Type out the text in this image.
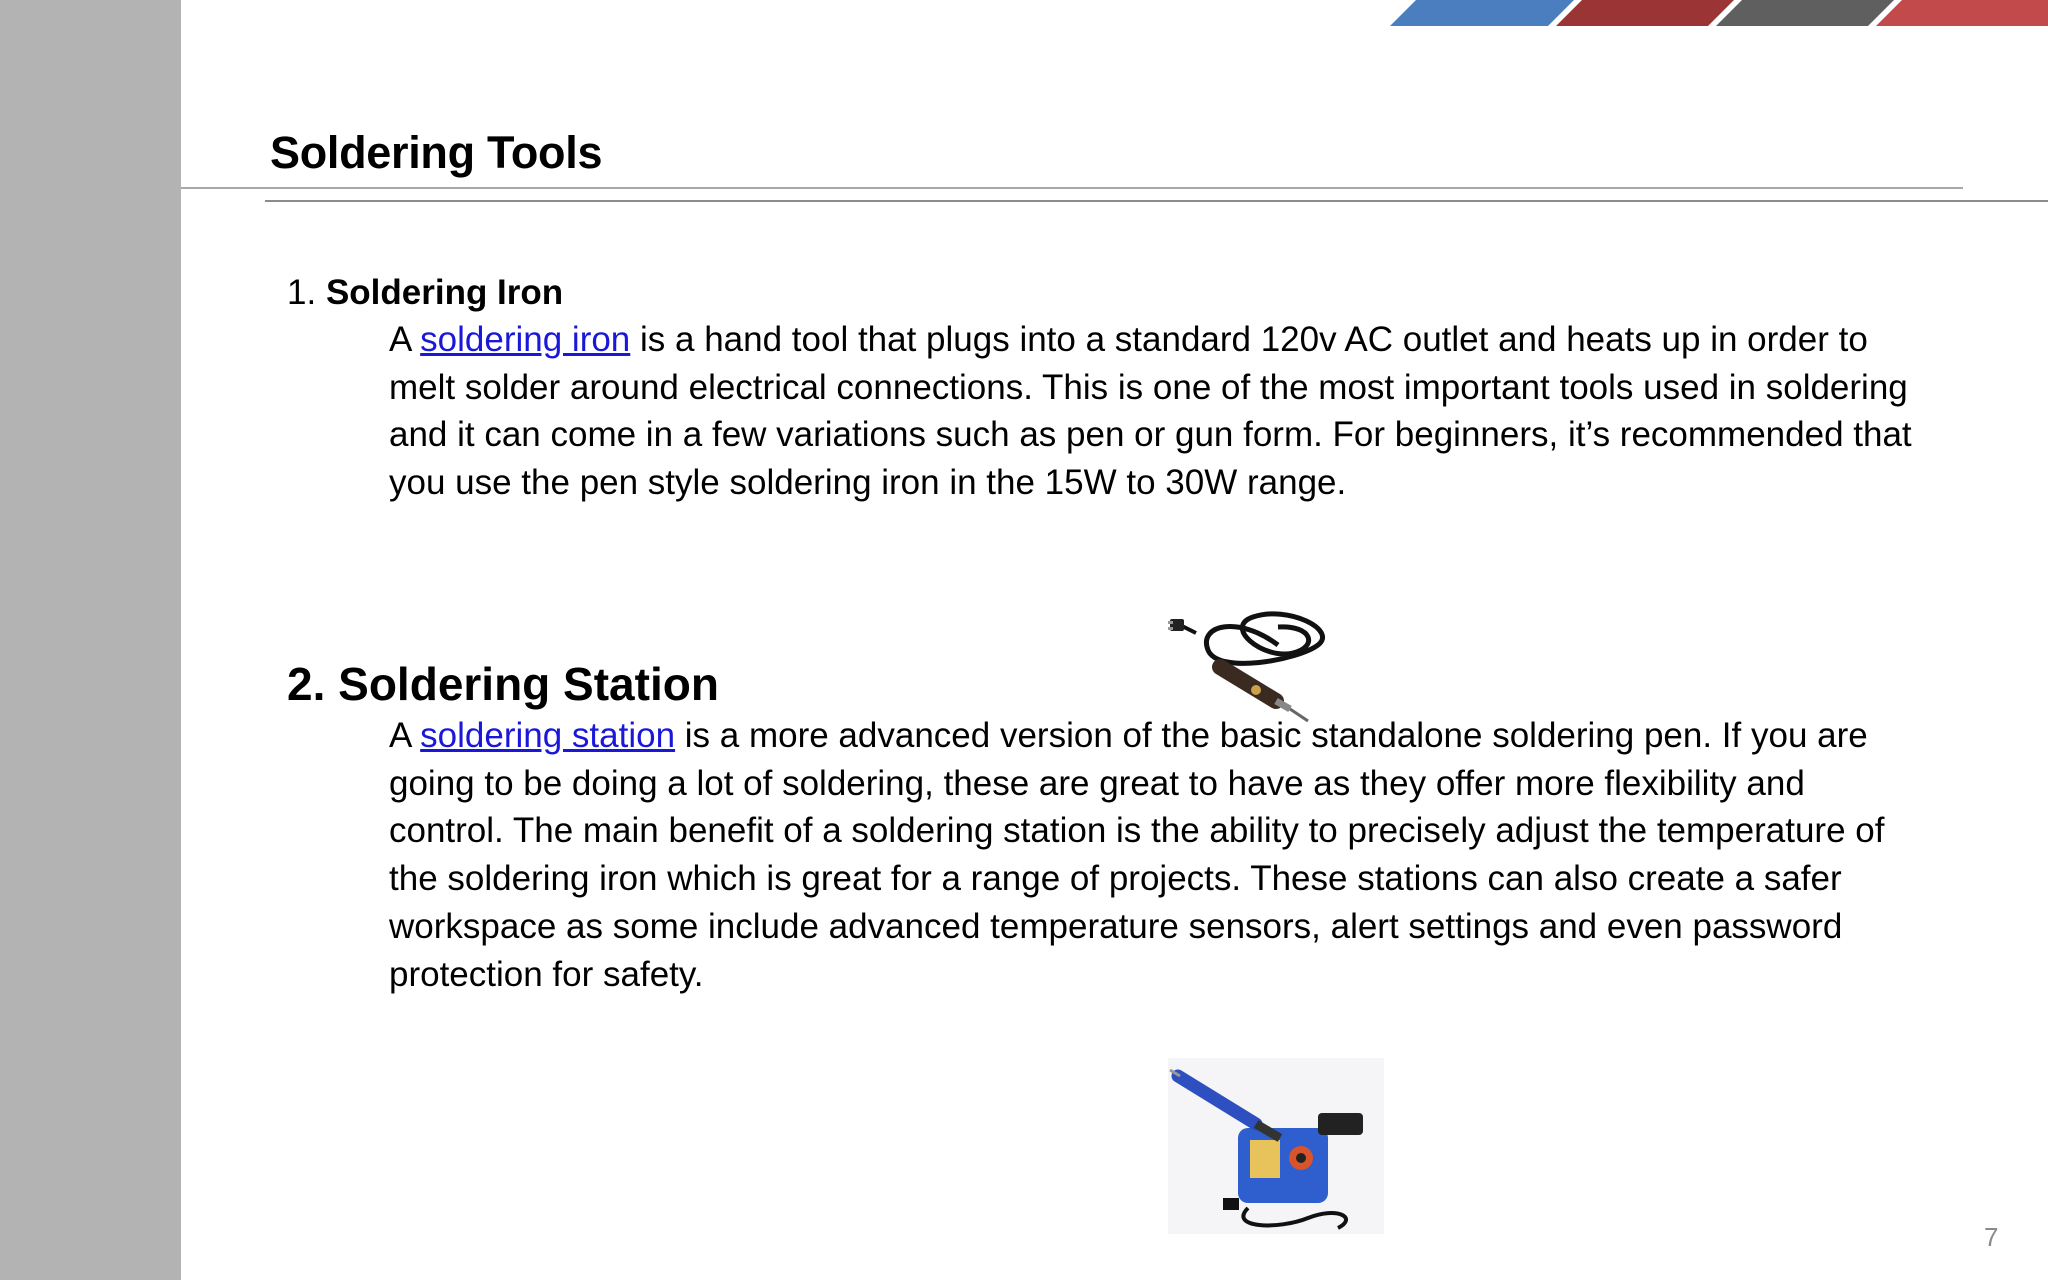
Soldering Tools
1. Soldering Iron

A soldering iron is a hand tool that plugs into a standard 120v AC outlet and heats up in order to melt solder around electrical connections. This is one of the most important tools used in soldering and it can come in a few variations such as pen or gun form. For beginners, it’s recommended that you use the pen style soldering iron in the 15W to 30W range.

2. Soldering Station

A soldering station is a more advanced version of the basic standalone soldering pen. If you are going to be doing a lot of soldering, these are great to have as they offer more flexibility and control. The main benefit of a soldering station is the ability to precisely adjust the temperature of the soldering iron which is great for a range of projects. These stations can also create a safer workspace as some include advanced temperature sensors, alert settings and even password protection for safety.

7
